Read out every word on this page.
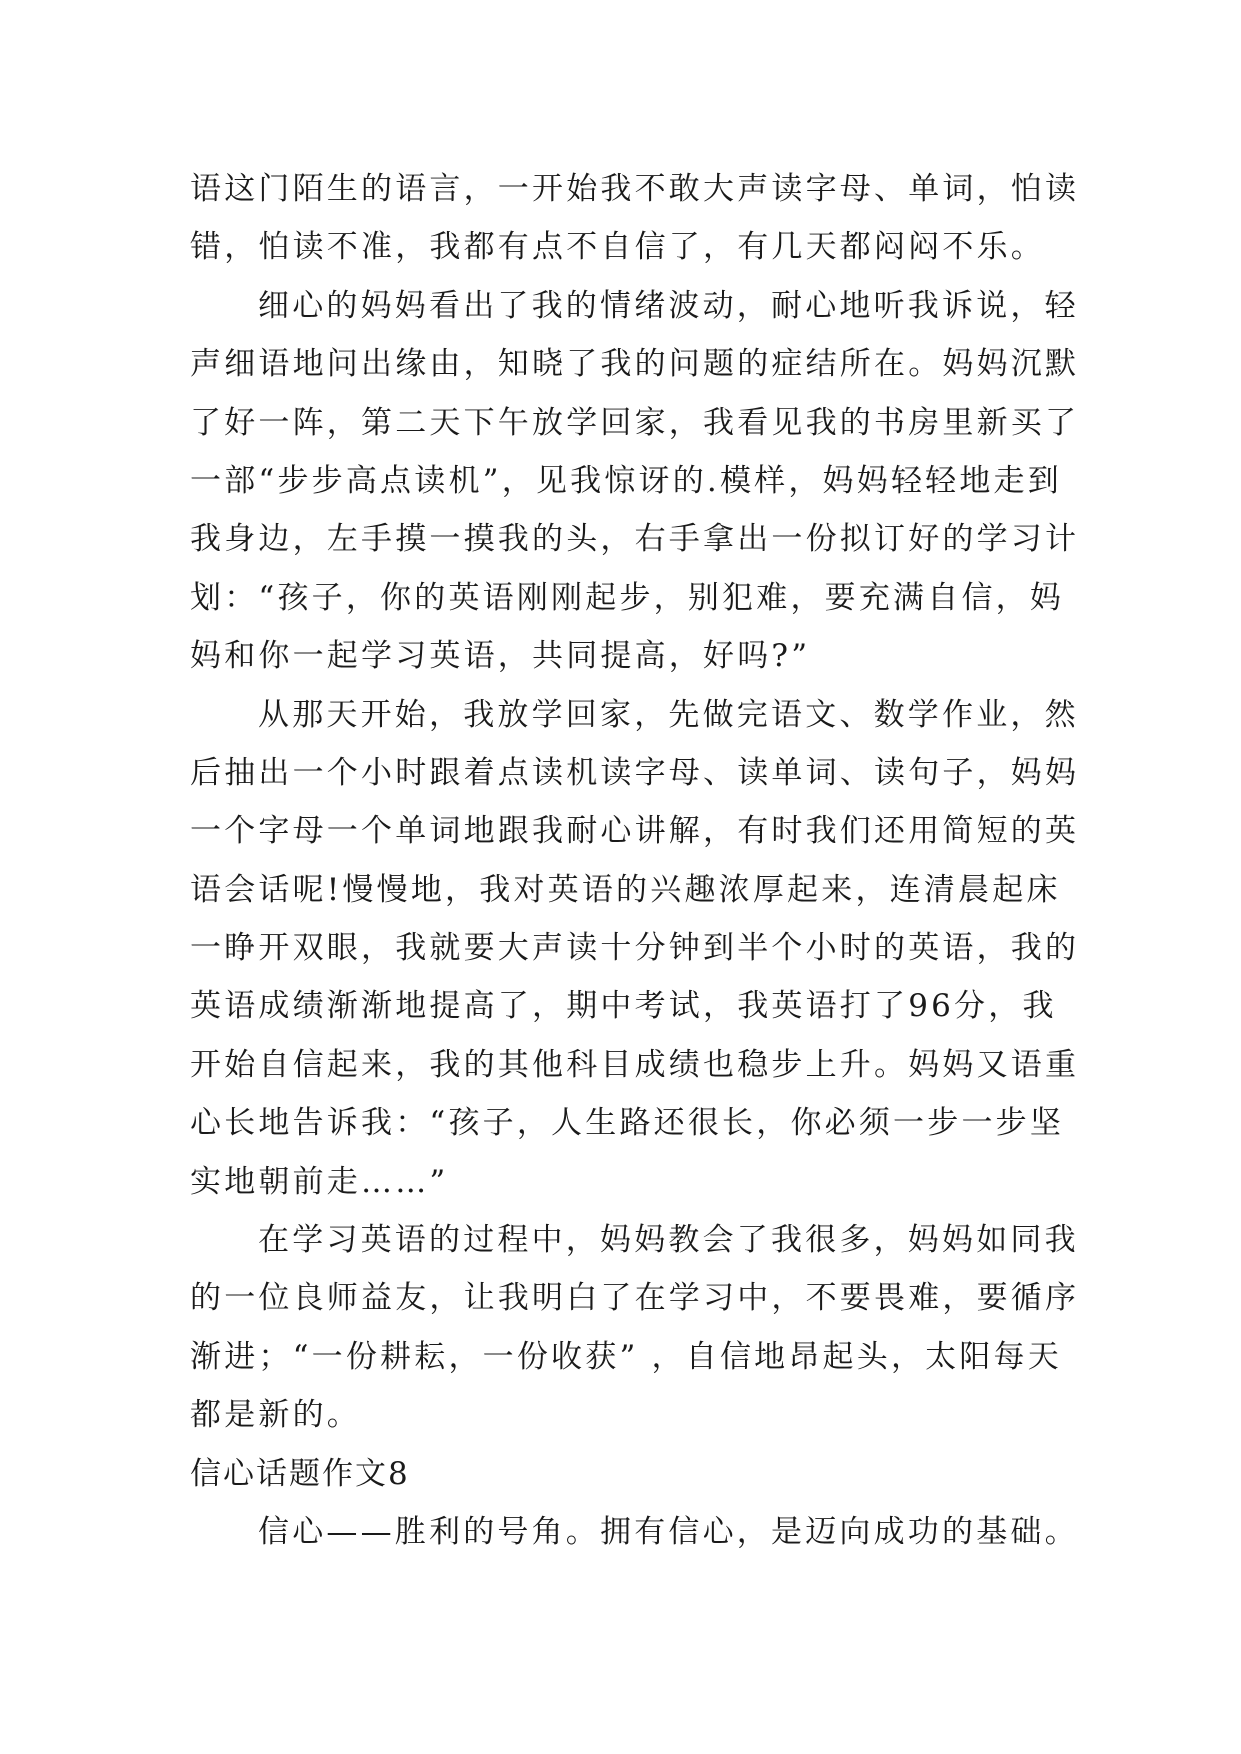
语这门陌生的语言，一开始我不敢大声读字母、单词，怕读
错，怕读不准，我都有点不自信了，有几天都闷闷不乐。
细心的妈妈看出了我的情绪波动，耐心地听我诉说，轻
声细语地问出缘由，知晓了我的问题的症结所在。妈妈沉默
了好一阵，第二天下午放学回家，我看见我的书房里新买了
一部“步步高点读机”，见我惊讶的.模样，妈妈轻轻地走到
我身边，左手摸一摸我的头，右手拿出一份拟订好的学习计
划：“孩子，你的英语刚刚起步，别犯难，要充满自信，妈
妈和你一起学习英语，共同提高，好吗?”
从那天开始，我放学回家，先做完语文、数学作业，然
后抽出一个小时跟着点读机读字母、读单词、读句子，妈妈
一个字母一个单词地跟我耐心讲解，有时我们还用简短的英
语会话呢!慢慢地，我对英语的兴趣浓厚起来，连清晨起床
一睁开双眼，我就要大声读十分钟到半个小时的英语，我的
英语成绩渐渐地提高了，期中考试，我英语打了96分，我
开始自信起来，我的其他科目成绩也稳步上升。妈妈又语重
心长地告诉我：“孩子，人生路还很长，你必须一步一步坚
实地朝前走……”
在学习英语的过程中，妈妈教会了我很多，妈妈如同我
的一位良师益友，让我明白了在学习中，不要畏难，要循序
渐进；“一份耕耘，一份收获” ，自信地昂起头，太阳每天
都是新的。
信心话题作文8
信心——胜利的号角。拥有信心，是迈向成功的基础。
